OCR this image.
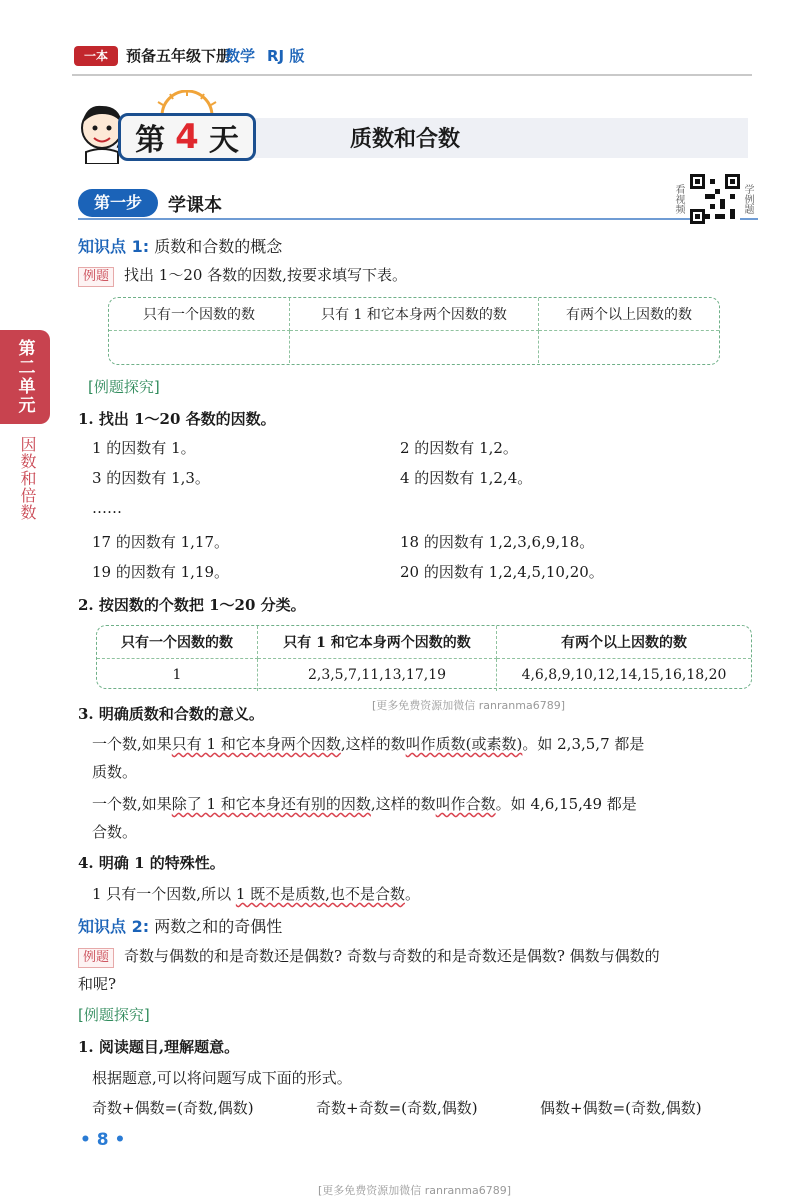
一本	预备五年级下册
数学 RJ 版
第 4 天	质数和合数
第一步	学课本	看视频	学例题
第二单元
因数和倍数
知识点 1: 质数和合数的概念
例题 找出 1～20 各数的因数,按要求填写下表。
只有一个因数的数	只有 1 和它本身两个因数的数	有两个以上因数的数

[例题探究]
1. 找出 1～20 各数的因数。
1 的因数有 1。	2 的因数有 1,2。
3 的因数有 1,3。	4 的因数有 1,2,4。
……
17 的因数有 1,17。	18 的因数有 1,2,3,6,9,18。
19 的因数有 1,19。	20 的因数有 1,2,4,5,10,20。
2. 按因数的个数把 1～20 分类。
只有一个因数的数	只有 1 和它本身两个因数的数	有两个以上因数的数
1	2,3,5,7,11,13,17,19	4,6,8,9,10,12,14,15,16,18,20
[更多免费资源加微信 ranranma6789]
3. 明确质数和合数的意义。
一个数,如果只有 1 和它本身两个因数,这样的数叫作质数(或素数)。如 2,3,5,7 都是
质数。
一个数,如果除了 1 和它本身还有别的因数,这样的数叫作合数。如 4,6,15,49 都是
合数。
4. 明确 1 的特殊性。
1 只有一个因数,所以 1 既不是质数,也不是合数。
知识点 2: 两数之和的奇偶性
例题 奇数与偶数的和是奇数还是偶数? 奇数与奇数的和是奇数还是偶数? 偶数与偶数的
和呢?
[例题探究]
1. 阅读题目,理解题意。
根据题意,可以将问题写成下面的形式。
奇数+偶数=(奇数,偶数)	奇数+奇数=(奇数,偶数)	偶数+偶数=(奇数,偶数)
• 8 •
[更多免费资源加微信 ranranma6789]
